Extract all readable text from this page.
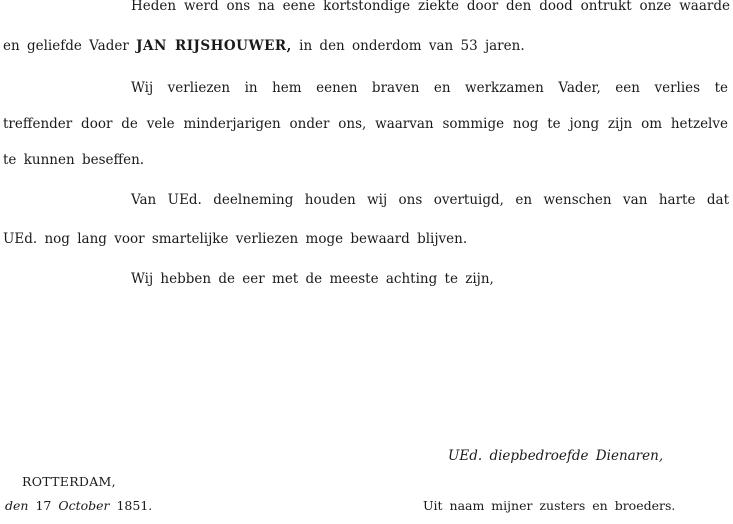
Heden werd ons na eene kortstondige ziekte door den dood ontrukt onze waarde
en geliefde Vader JAN RIJSHOUWER, in den onderdom van 53 jaren.
Wij verliezen in hem eenen braven en werkzamen Vader, een verlies te
treffender door de vele minderjarigen onder ons, waarvan sommige nog te jong zijn om hetzelve
te kunnen beseffen.
Van UEd. deelneming houden wij ons overtuigd, en wenschen van harte dat
UEd. nog lang voor smartelijke verliezen moge bewaard blijven.
Wij hebben de eer met de meeste achting te zijn,
UEd. diepbedroefde Dienaren,
ROTTERDAM,
den 17 October 1851.	Uit naam mijner zusters en broeders.
